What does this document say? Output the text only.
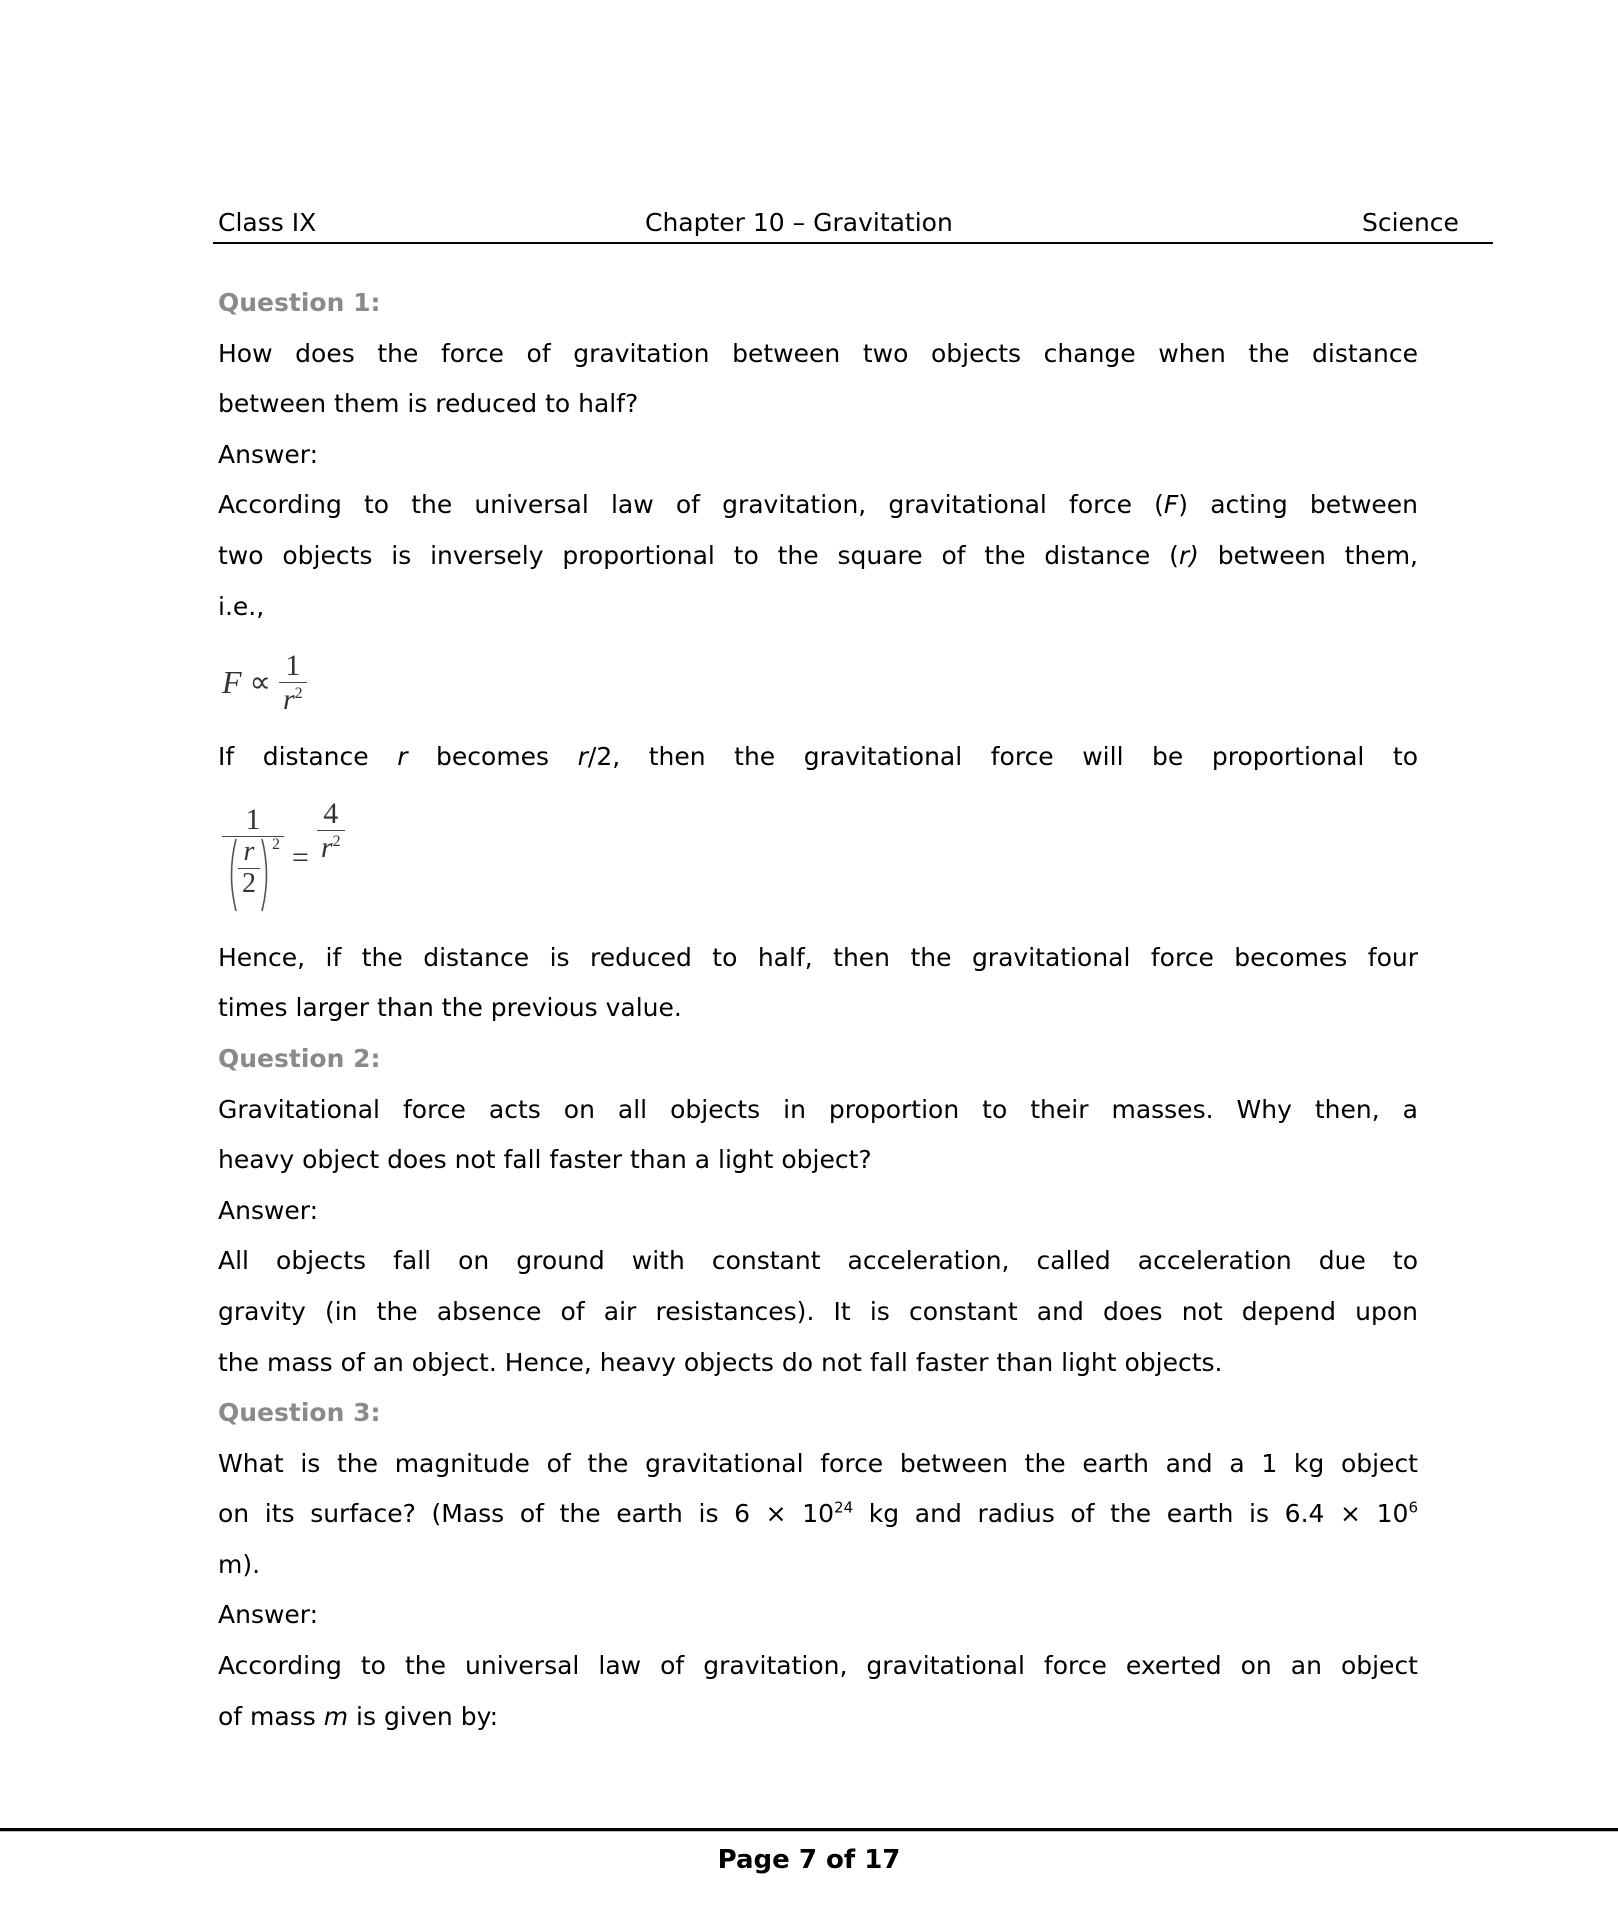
Class IX	Chapter 10 – Gravitation	Science
Question 1:
How does the force of gravitation between two objects change when the distance
between them is reduced to half?
Answer:
According to the universal law of gravitation, gravitational force (F) acting between
two objects is inversely proportional to the square of the distance (r) between them,
i.e.,
$F \propto \frac{1}{r^2}$
If distance r becomes r/2, then the gravitational force will be proportional to
1
$\frac{r}{2} 2 = \frac{4}{r^2}$
Hence, if the distance is reduced to half, then the gravitational force becomes four
times larger than the previous value.
Question 2:
Gravitational force acts on all objects in proportion to their masses. Why then, a
heavy object does not fall faster than a light object?
Answer:
All objects fall on ground with constant acceleration, called acceleration due to
gravity (in the absence of air resistances). It is constant and does not depend upon
the mass of an object. Hence, heavy objects do not fall faster than light objects.
Question 3:
What is the magnitude of the gravitational force between the earth and a 1 kg object
on its surface? (Mass of the earth is $6 \times 10^{24}$ kg and radius of the earth is $6.4 \times 10^6$
m).
Answer:
According to the universal law of gravitation, gravitational force exerted on an object
of mass m is given by:
Page 7 of 17
